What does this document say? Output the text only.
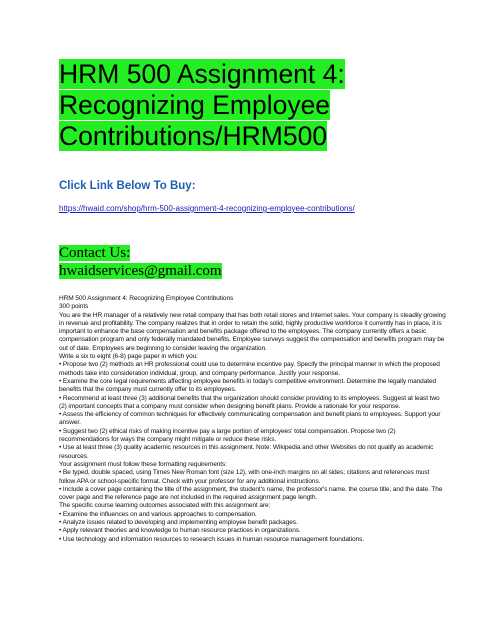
HRM 500 Assignment 4:
Recognizing Employee
Contributions/HRM500
Click Link Below To Buy:
https://hwaid.com/shop/hrm-500-assignment-4-recognizing-employee-contributions/
Contact Us:
hwaidservices@gmail.com

HRM 500 Assignment 4: Recognizing Employee Contributions

300 points

You are the HR manager of a relatively new retail company that has both retail stores and Internet sales. Your company is steadily growing in revenue and profitability. The company realizes that in order to retain the solid, highly productive workforce it currently has in place, it is important to enhance the base compensation and benefits package offered to the employees. The company currently offers a basic compensation program and only federally mandated benefits. Employee surveys suggest the compensation and benefits program may be out of date. Employees are beginning to consider leaving the organization.

Write a six to eight (6-8) page paper in which you:

• Propose two (2) methods an HR professional could use to determine incentive pay. Specify the principal manner in which the proposed methods take into consideration individual, group, and company performance. Justify your response.

• Examine the core legal requirements affecting employee benefits in today's competitive environment. Determine the legally mandated benefits that the company must currently offer to its employees.

• Recommend at least three (3) additional benefits that the organization should consider providing to its employees. Suggest at least two (2) important concepts that a company must consider when designing benefit plans. Provide a rationale for your response.

• Assess the efficiency of common techniques for effectively communicating compensation and benefit plans to employees. Support your answer.

• Suggest two (2) ethical risks of making incentive pay a large portion of employees' total compensation. Propose two (2) recommendations for ways the company might mitigate or reduce these risks.

• Use at least three (3) quality academic resources in this assignment. Note: Wikipedia and other Websites do not qualify as academic resources.

Your assignment must follow these formatting requirements:

• Be typed, double spaced, using Times New Roman font (size 12), with one-inch margins on all sides; citations and references must follow APA or school-specific format. Check with your professor for any additional instructions.

• Include a cover page containing the title of the assignment, the student's name, the professor's name, the course title, and the date. The cover page and the reference page are not included in the required assignment page length.

The specific course learning outcomes associated with this assignment are:

• Examine the influences on and various approaches to compensation.

• Analyze issues related to developing and implementing employee benefit packages.

• Apply relevant theories and knowledge to human resource practices in organizations.

• Use technology and information resources to research issues in human resource management foundations.
